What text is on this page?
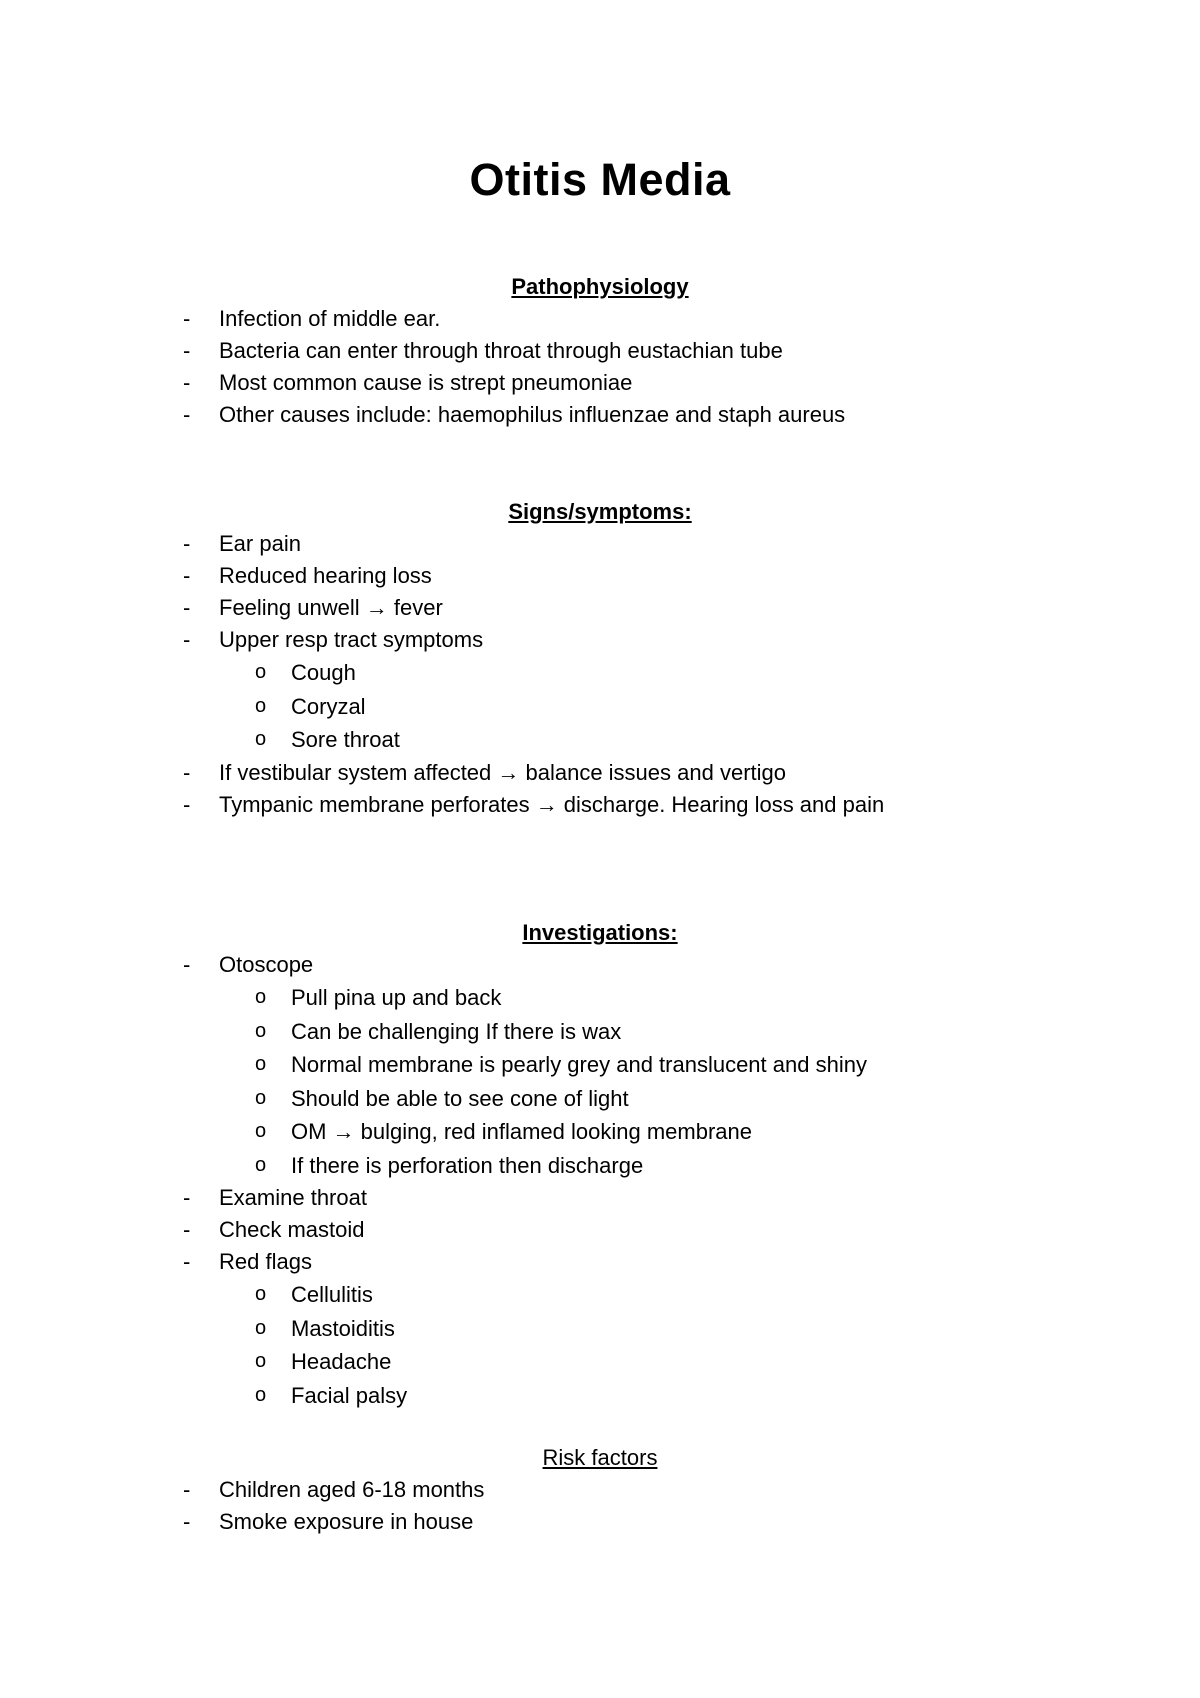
Otitis Media
Pathophysiology
- Infection of middle ear.
- Bacteria can enter through throat through eustachian tube
- Most common cause is strept pneumoniae
- Other causes include: haemophilus influenzae and staph aureus
Signs/symptoms:
- Ear pain
- Reduced hearing loss
- Feeling unwell → fever
- Upper resp tract symptoms
o Cough
o Coryzal
o Sore throat
- If vestibular system affected → balance issues and vertigo
- Tympanic membrane perforates → discharge. Hearing loss and pain
Investigations:
- Otoscope
o Pull pina up and back
o Can be challenging If there is wax
o Normal membrane is pearly grey and translucent and shiny
o Should be able to see cone of light
o OM → bulging, red inflamed looking membrane
o If there is perforation then discharge
- Examine throat
- Check mastoid
- Red flags
o Cellulitis
o Mastoiditis
o Headache
o Facial palsy
Risk factors
- Children aged 6-18 months
- Smoke exposure in house
